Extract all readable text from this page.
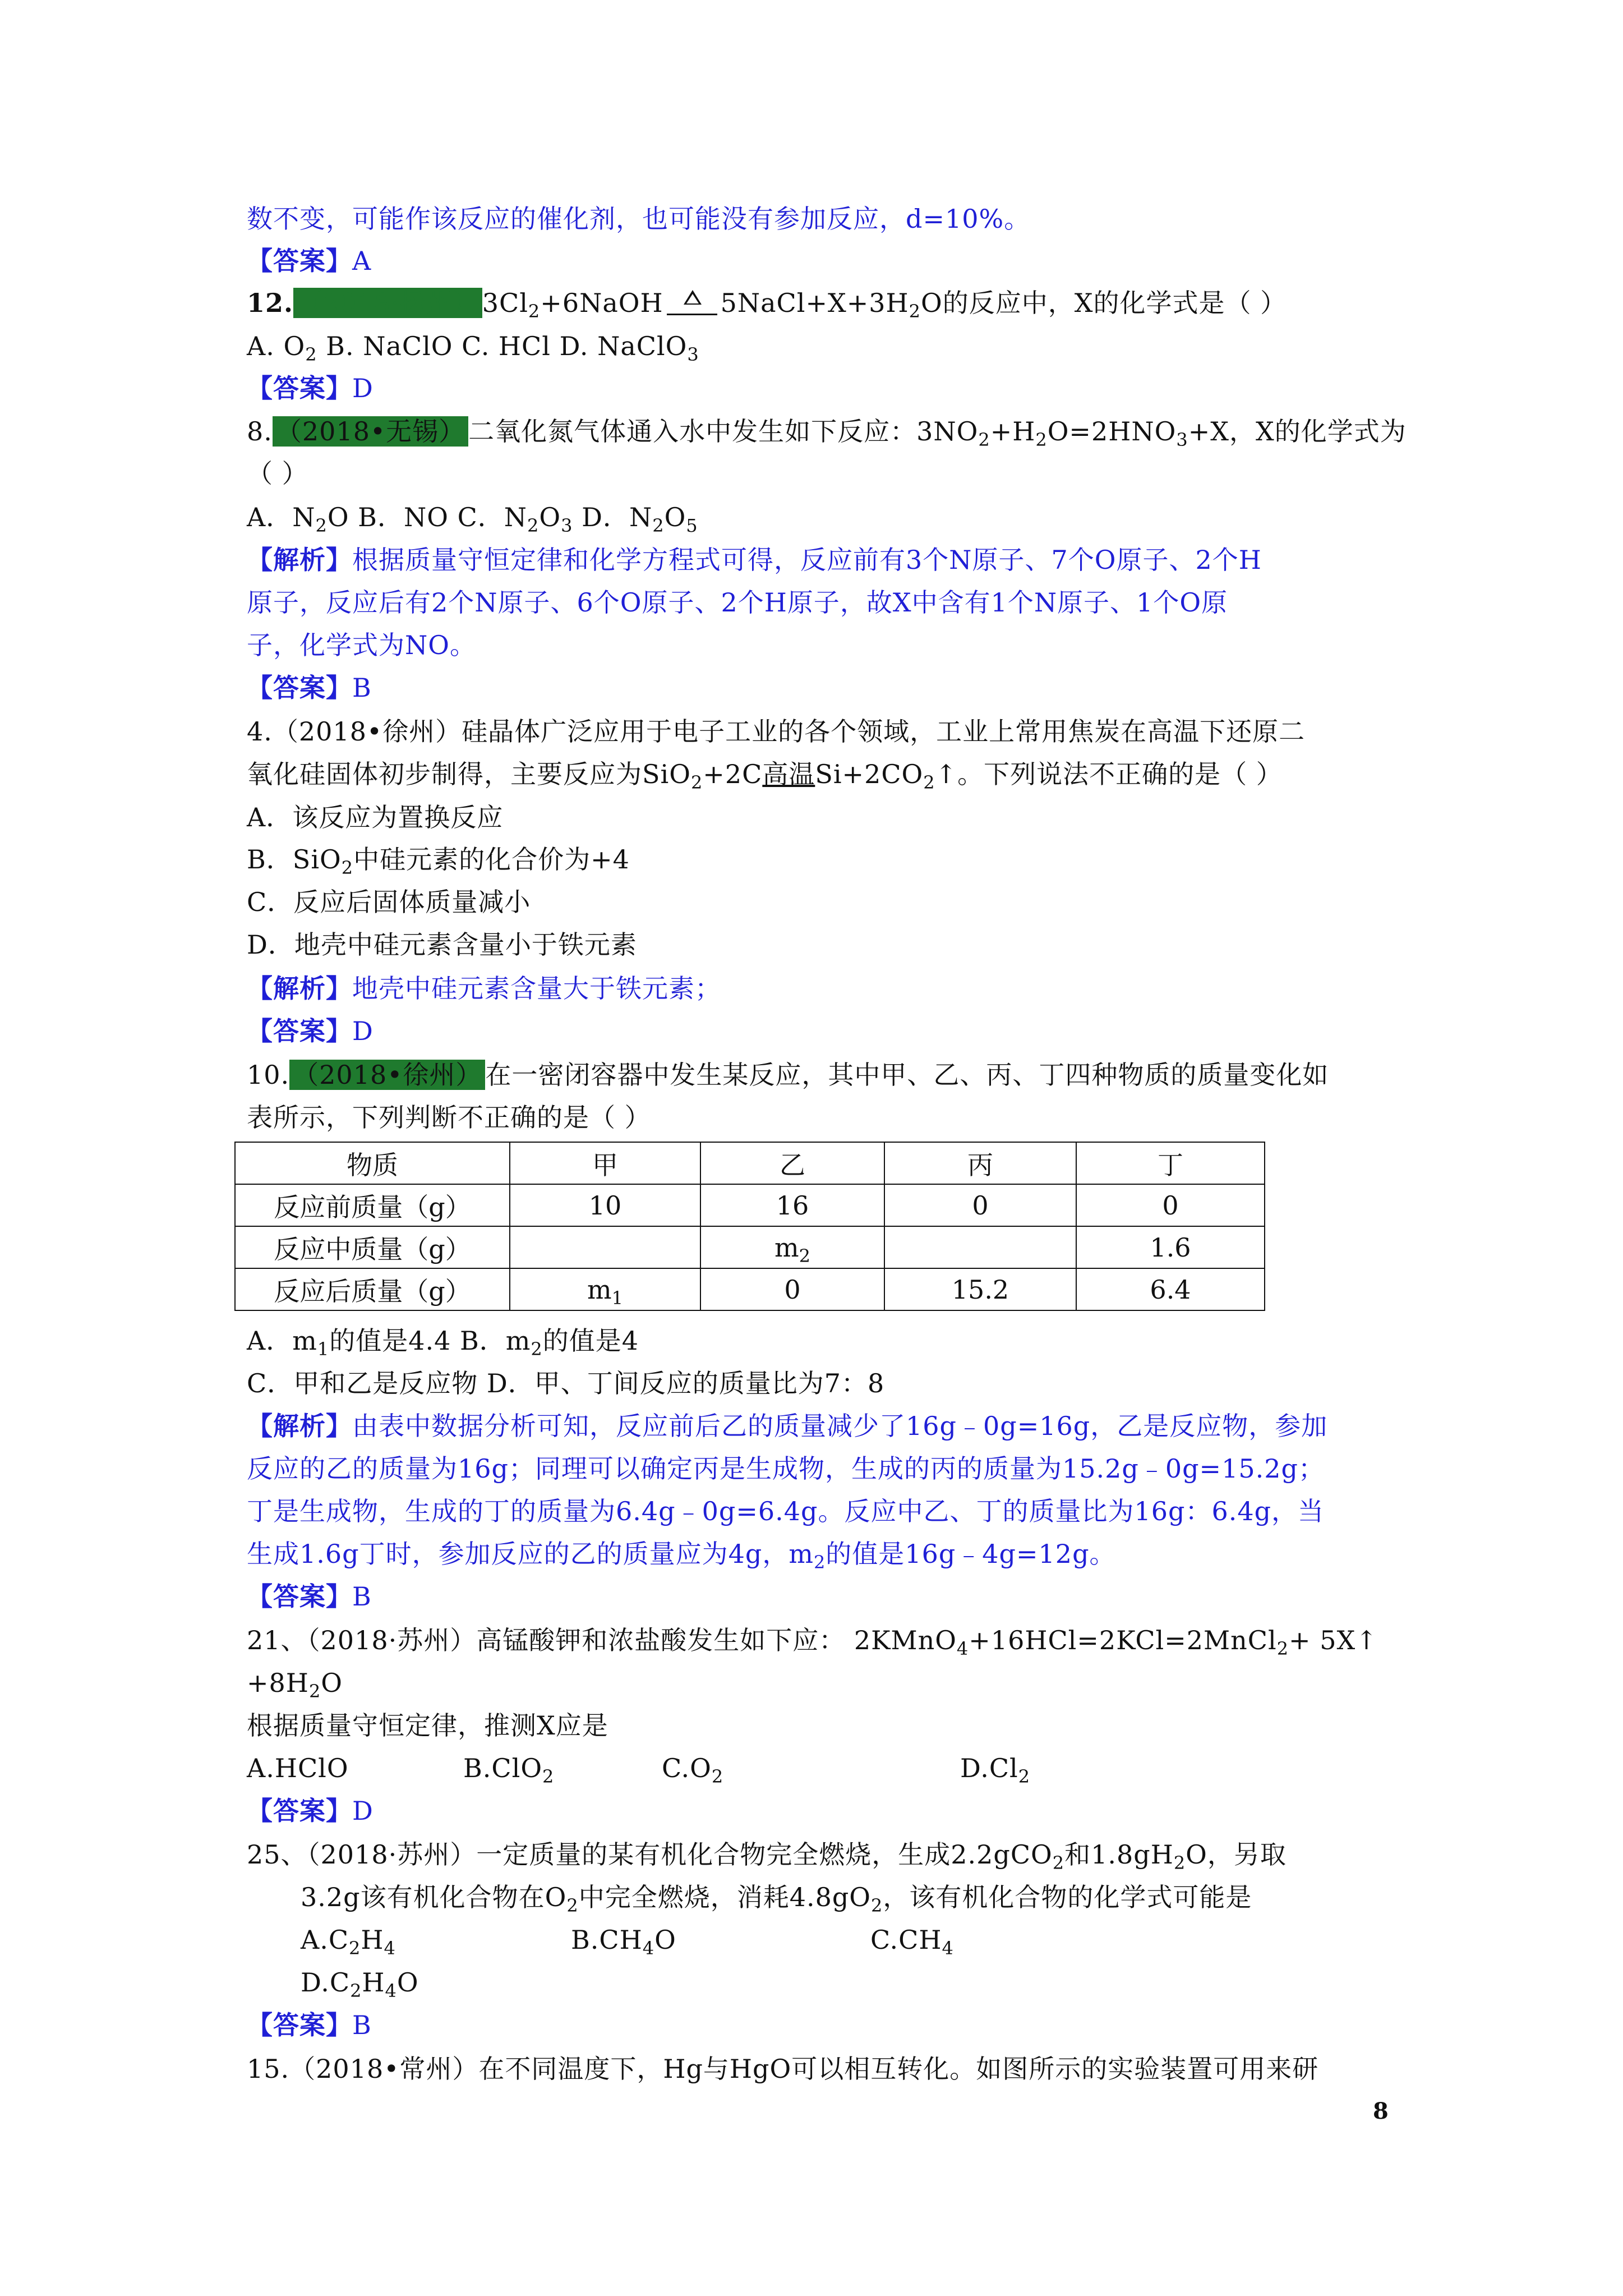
数不变，可能作该反应的催化剂，也可能没有参加反应，d=10%。
【答案】A
12. （2018·扬州） $3Cl_2+6NaOH$ $5NaCl+X+3H_2O$的反应中，X的化学式是（ ）
A. $O_2$ B. NaClO C. HCl D. NaClO$_3$
【答案】D
8. （2018•无锡） 二氧化氮气体通入水中发生如下反应：$3NO_2+H_2O=2HNO_3+X$，X的化学式为
（ ）
A．$N_2O$ B．NO C．$N_2O_3$ D．$N_2O_5$
【解析】根据质量守恒定律和化学方程式可得，反应前有3个N原子、7个O原子、2个H
原子，反应后有2个N原子、6个O原子、2个H原子，故X中含有1个N原子、1个O原
子，化学式为NO。
【答案】B
4.（2018•徐州）硅晶体广泛应用于电子工业的各个领域，工业上常用焦炭在高温下还原二
氧化硅固体初步制得，主要反应为SiO$_2$+2C高温$Si+2CO_2↑$。下列说法不正确的是（ ）
A．该反应为置换反应
B．SiO$_2$中硅元素的化合价为+4
C．反应后固体质量减小
D．地壳中硅元素含量小于铁元素
【解析】地壳中硅元素含量大于铁元素；
【答案】D
10. （2018•徐州） 在一密闭容器中发生某反应，其中甲、乙、丙、丁四种物质的质量变化如
表所示，下列判断不正确的是（ ）
物质	甲	乙	丙	丁
反应前质量（g）	10	16	0	0
反应中质量（g）		$m_2$		1.6
反应后质量（g）	$m_1$	0	15.2	6.4
A．$m_1$的值是4.4 B．$m_2$的值是4
C．甲和乙是反应物 D．甲、丁间反应的质量比为7：8
【解析】由表中数据分析可知，反应前后乙的质量减少了16g﹣0g=16g，乙是反应物，参加
反应的乙的质量为16g；同理可以确定丙是生成物，生成的丙的质量为15.2g﹣0g=15.2g；
丁是生成物，生成的丁的质量为6.4g﹣0g=6.4g。反应中乙、丁的质量比为16g：6.4g，当
生成1.6g丁时，参加反应的乙的质量应为4g，$m_2$的值是16g﹣4g=12g。
【答案】B
21、（2018·苏州）高锰酸钾和浓盐酸发生如下应： 2KMnO$_4$+16HCl=2KCl=2MnCl$_2$+ 5X↑
$+8H_2O$
根据质量守恒定律，推测X应是
A.HClO	B.ClO$_2$	$C.O_2$	$D.Cl_2$
【答案】D
25、（2018·苏州）一定质量的某有机化合物完全燃烧，生成2.2gCO$_2$和$1.8gH_2O$，另取
3.2g该有机化合物在$O_2$中完全燃烧，消耗$4.8gO_2$，该有机化合物的化学式可能是
$A.C_2H_4$	$B.CH_4O$	$C.CH_4$
$D.C_2H_4O$
【答案】B
15.（2018•常州）在不同温度下，Hg与HgO可以相互转化。如图所示的实验装置可用来研
8
